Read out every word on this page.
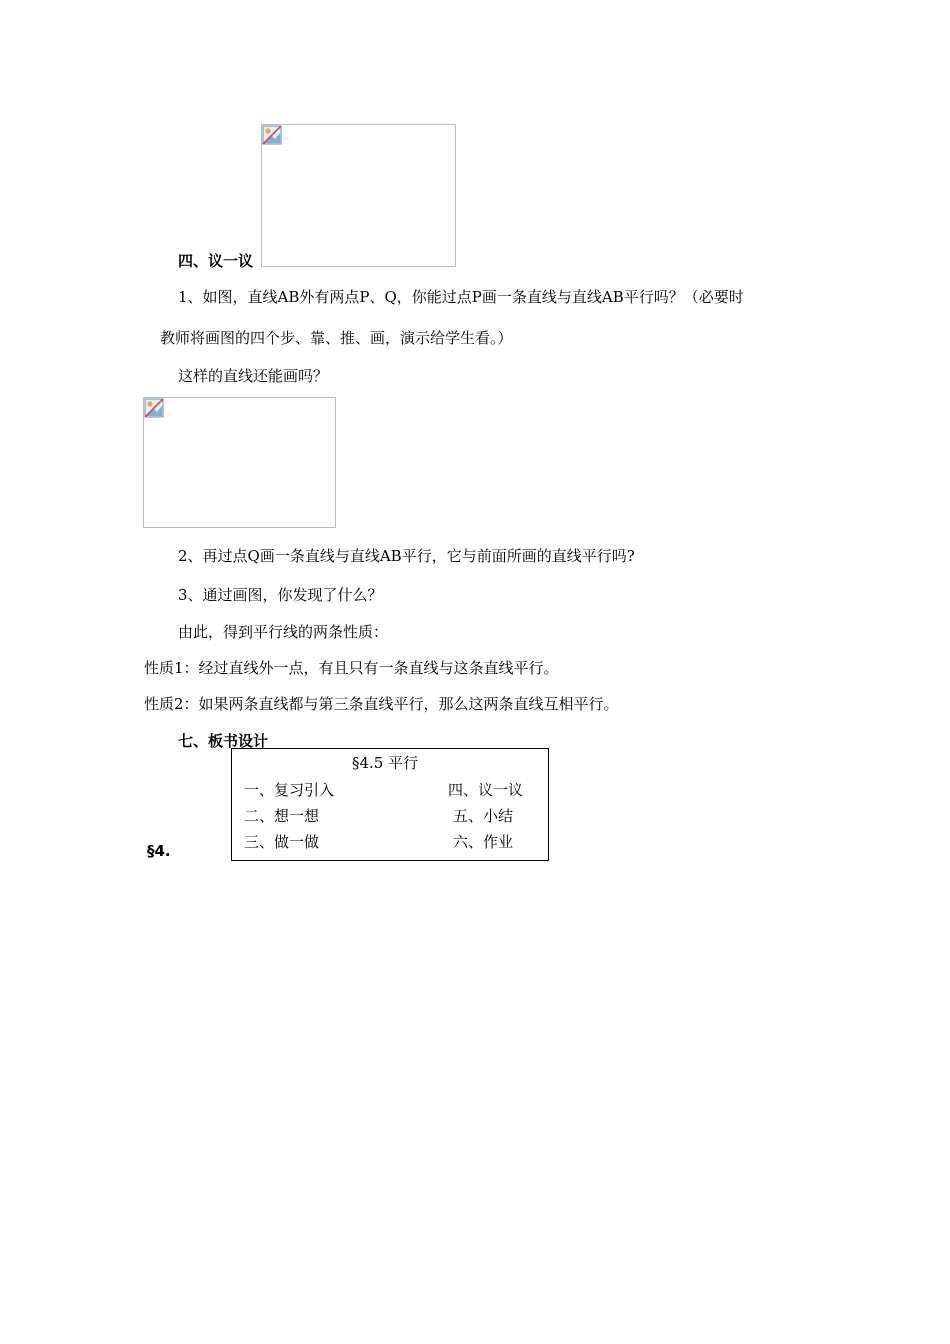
四、议一议
1、如图，直线AB外有两点P、Q，你能过点P画一条直线与直线AB平行吗？（必要时
教师将画图的四个步、靠、推、画，演示给学生看。）
这样的直线还能画吗？
2、再过点Q画一条直线与直线AB平行，它与前面所画的直线平行吗?
3、通过画图，你发现了什么？
由此，得到平行线的两条性质：
性质1：经过直线外一点，有且只有一条直线与这条直线平行。
性质2：如果两条直线都与第三条直线平行，那么这两条直线互相平行。
七、板书设计
§4.5 平行
一、复习引入
二、想一想
三、做一做
四、议一议
五、小结
六、作业
§4.
